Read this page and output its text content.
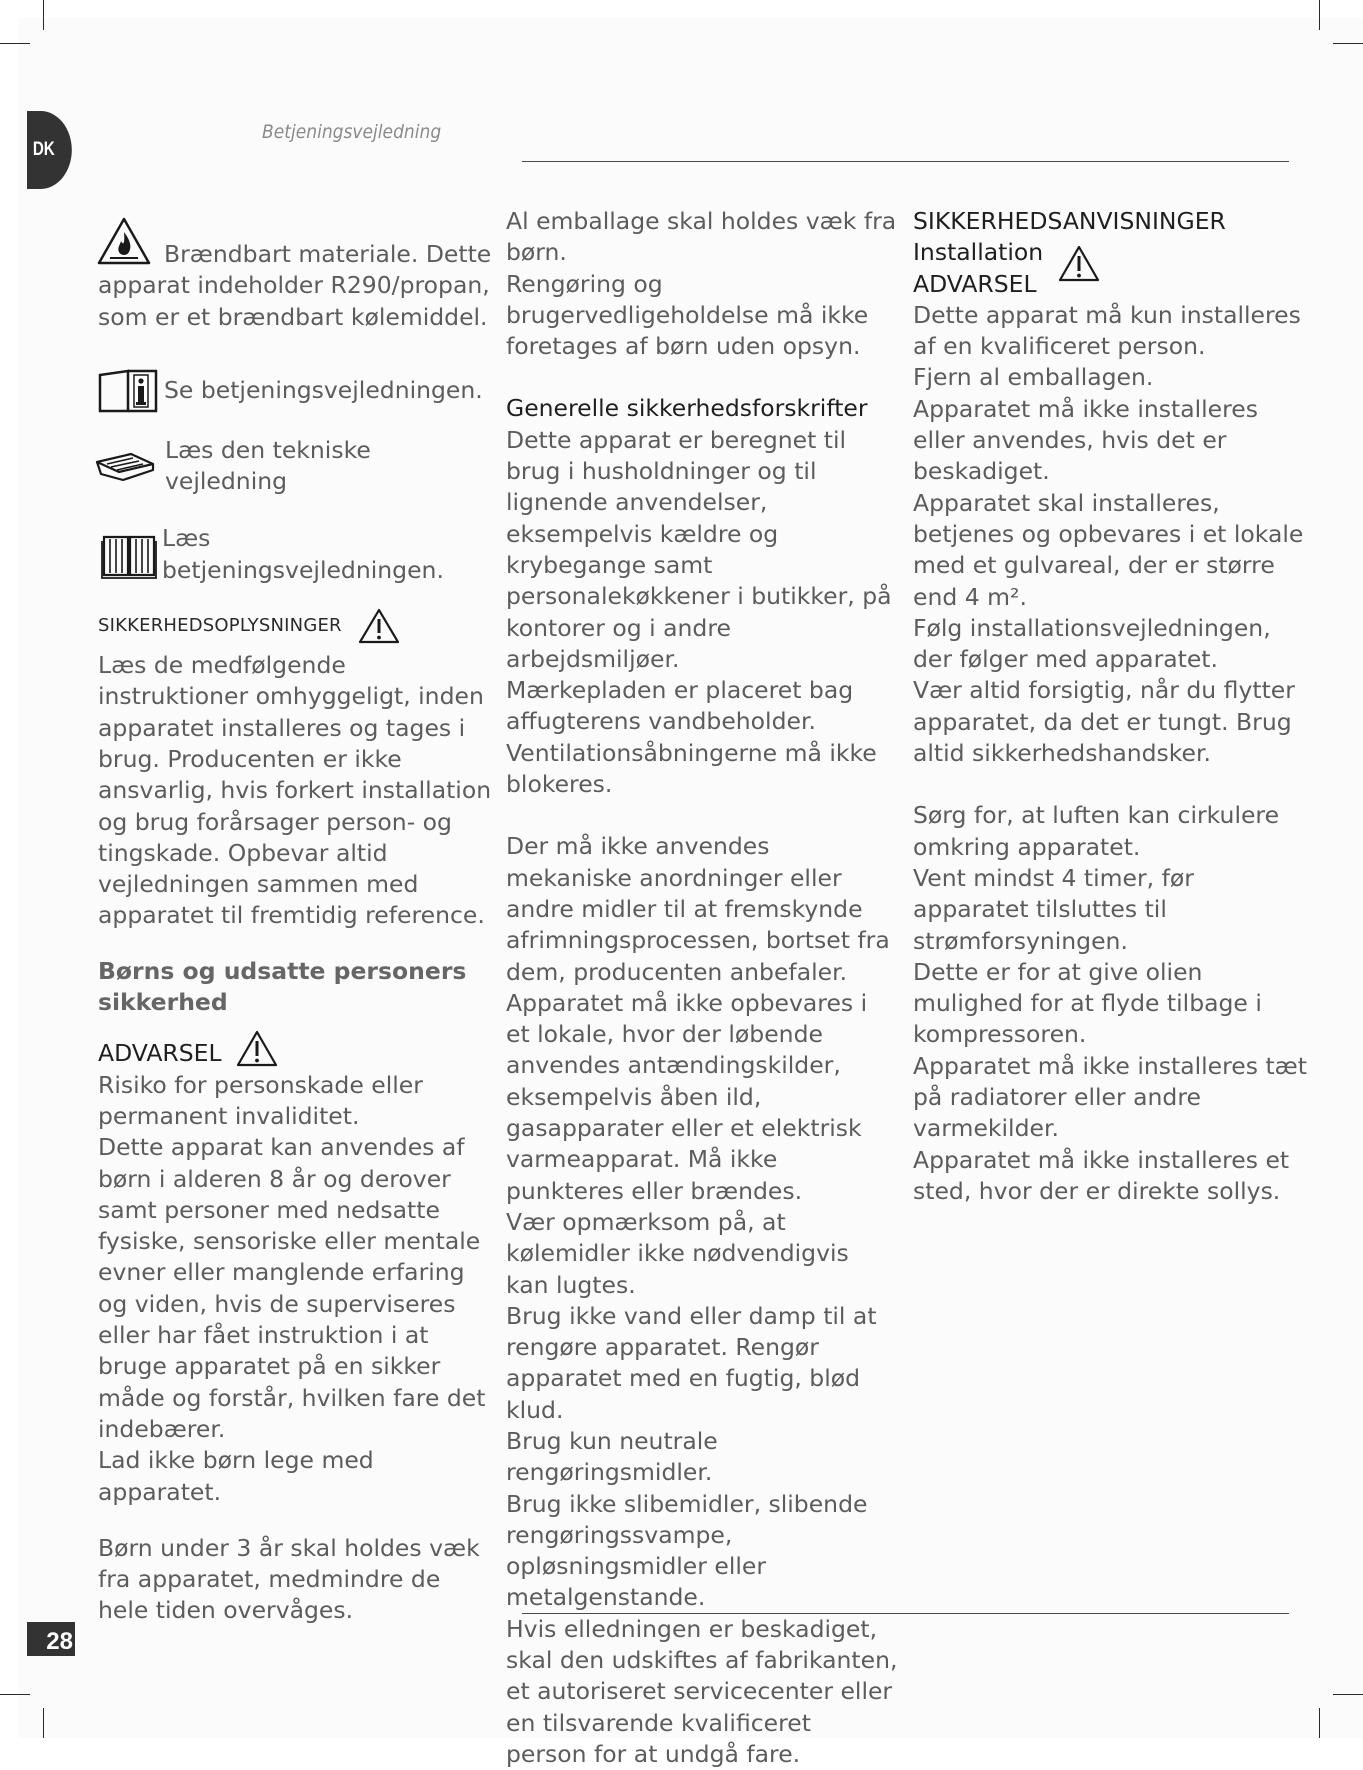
DK
Betjeningsvejledning
28

Brændbart materiale. Dette apparat indeholder R290/propan, som er et brændbart kølemiddel.

Se betjeningsvejledningen.
Læs den tekniske vejledning
Læs betjeningsvejledningen.
SIKKERHEDSOPLYSNINGER

Læs de medfølgende instruktioner omhyggeligt, inden apparatet installeres og tages i brug. Producenten er ikke ansvarlig, hvis forkert installation og brug forårsager person- og tingskade. Opbevar altid vejledningen sammen med apparatet til fremtidig reference.

Børns og udsatte personers sikkerhed

ADVARSEL

Risiko for personskade eller permanent invaliditet.

Dette apparat kan anvendes af børn i alderen 8 år og derover samt personer med nedsatte fysiske, sensoriske eller mentale evner eller manglende erfaring og viden, hvis de superviseres eller har fået instruktion i at bruge apparatet på en sikker måde og forstår, hvilken fare det indebærer.

Lad ikke børn lege med apparatet.

Børn under 3 år skal holdes væk fra apparatet, medmindre de hele tiden overvåges.

Al emballage skal holdes væk fra børn.

Rengøring og brugervedligeholdelse må ikke foretages af børn uden opsyn.

Generelle sikkerhedsforskrifter

Dette apparat er beregnet til brug i husholdninger og til lignende anvendelser, eksempelvis kældre og krybegange samt personalekøkkener i butikker, på kontorer og i andre arbejdsmiljøer.

Mærkepladen er placeret bag affugterens vandbeholder.

Ventilationsåbningerne må ikke blokeres.

Der må ikke anvendes mekaniske anordninger eller andre midler til at fremskynde afrimningsprocessen, bortset fra dem, producenten anbefaler.

Apparatet må ikke opbevares i et lokale, hvor der løbende anvendes antændingskilder, eksempelvis åben ild, gasapparater eller et elektrisk varmeapparat. Må ikke punkteres eller brændes.

Vær opmærksom på, at kølemidler ikke nødvendigvis kan lugtes.

Brug ikke vand eller damp til at rengøre apparatet. Rengør apparatet med en fugtig, blød klud.

Brug kun neutrale rengøringsmidler.

Brug ikke slibemidler, slibende rengøringssvampe, opløsningsmidler eller metalgenstande.

Hvis elledningen er beskadiget, skal den udskiftes af fabrikanten, et autoriseret servicecenter eller en tilsvarende kvalificeret person for at undgå fare.

SIKKERHEDSANVISNINGER

Installation

ADVARSEL

Dette apparat må kun installeres af en kvalificeret person.

Fjern al emballagen.

Apparatet må ikke installeres eller anvendes, hvis det er beskadiget.

Apparatet skal installeres, betjenes og opbevares i et lokale med et gulvareal, der er større end 4 m².

Følg installationsvejledningen, der følger med apparatet.

Vær altid forsigtig, når du flytter apparatet, da det er tungt. Brug altid sikkerhedshandsker.

Sørg for, at luften kan cirkulere omkring apparatet.

Vent mindst 4 timer, før apparatet tilsluttes til strømforsyningen.

Dette er for at give olien mulighed for at flyde tilbage i kompressoren.

Apparatet må ikke installeres tæt på radiatorer eller andre varmekilder.

Apparatet må ikke installeres et sted, hvor der er direkte sollys.
